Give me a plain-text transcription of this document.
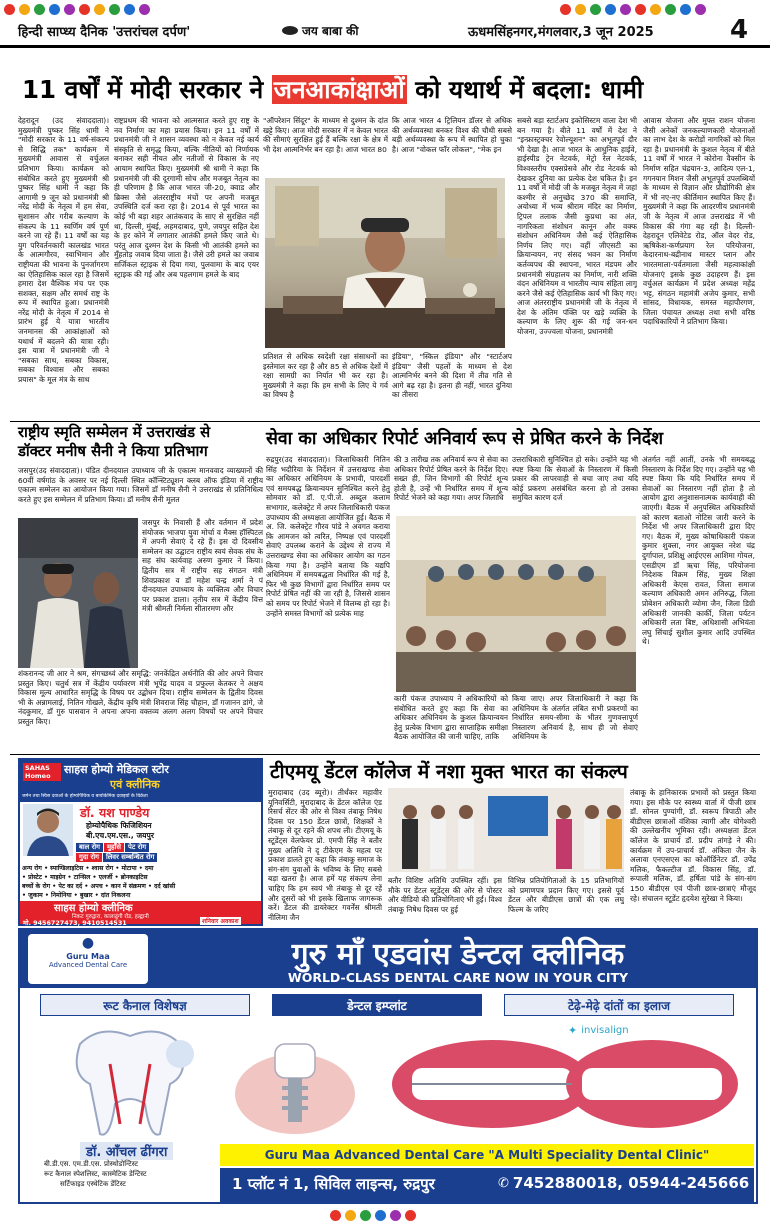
हिन्दी साप्ध्य दैनिक 'उत्तरांचल दर्पण'	जय बाबा की	ऊधमसिंहनगर,मंगलवार,3 जून 2025	4
11 वर्षों में मोदी सरकार ने जनआकांक्षाओं को यथार्थ में बदला: धामी
देहरादून (उद संवाददाता)। मुख्यमंत्री पुष्कर सिंह धामी ने "मोदी सरकार के 11 वर्ष-संकल्प से सिद्धि तक" कार्यक्रम में मुख्यमंत्री आवास से वर्चुअल प्रतिभाग किया। कार्यक्रम को संबोधित करते हुए मुख्यमंत्री श्री पुष्कर सिंह धामी ने कहा कि आगामी 9 जून को प्रधानमंत्री श्री नरेंद्र मोदी के नेतृत्व में हम सेवा, सुशासन और गरीब कल्याण के संकल्प के 11 स्वर्णिम वर्ष पूर्ण करने जा रहे हैं। 11 वर्षों का यह युग परिवर्तनकारी कालखंड भारत के आत्मगौरव, स्वाभिमान और राष्ट्रीयता की भावना के पुनर्जागरण का ऐतिहासिक काल रहा है जिसमें हमारा देश वैश्विक मंच पर एक सशक्त, सक्षम और समर्थ राष्ट्र के रूप में स्थापित हुआ। प्रधानमंत्री नरेंद्र मोदी के नेतृत्व में 2014 से प्रारंभ हुई ये यात्रा भारतीय जनमानस की आकांक्षाओं को यथार्थ में बदलने की यात्रा रही। इस यात्रा में प्रधानमंत्री जी ने "सबका साथ, सबका विकास, सबका विश्वास और सबका प्रयास" के मूल मंत्र के साथ
राष्ट्रप्रथम की भावना को आत्मसात करते हुए राष्ट्र के नव निर्माण का महा प्रयास किया। इन 11 वर्षों में प्रधानमंत्री जी ने शासन व्यवस्था को न केवल नई कार्य संस्कृति से समृद्ध किया, बल्कि नीतियों को निर्णायक बनाकर सही नीयत और नतीजों से विकास के नए आयाम स्थापित किए। मुख्यमंत्री श्री धामी ने कहा कि प्रधानमंत्री जी की दूरगामी सोच और मजबूत नेतृत्व का ही परिणाम है कि आज भारत जी-20, क्वाड और ब्रिक्स जैसे अंतरराष्ट्रीय मंचों पर अपनी मजबूत उपस्थिति दर्ज करा रहा है। 2014 से पूर्व भारत का कोई भी बड़ा शहर आतंकवाद के साए से सुरक्षित नहीं था, दिल्ली, मुंबई, अहमदाबाद, पुणे, जयपुर सहित देश के हर कोने में लगातार आतंकी हमले किए जाते थे। परंतु आज दुश्मन देश के किसी भी आतंकी हमले का मुँहतोड़ जवाब दिया जाता है। जैसे उरी हमले का जवाब सर्जिकल स्ट्राइक से दिया गया, पुलवामा के बाद एयर स्ट्राइक की गई और अब पहलगाम हमले के बाद
"ऑपरेशन सिंदूर" के माध्यम से दुश्मन के दांत खट्टे किए। आज मोदी सरकार में न केवल भारत की सीमाएं सुरक्षित हुई हैं बल्कि रक्षा के क्षेत्र में भी देश आत्मनिर्भर बन रहा है। आज भारत 80
कि आज भारत 4 ट्रिलियन डॉलर से अधिक की अर्थव्यवस्था बनकर विश्व की चौथी सबसे बड़ी अर्थव्यवस्था के रूप में स्थापित हो चुका है। आज "वोकल फॉर लोकल", "मेक इन
प्रतिशत से अधिक स्वदेशी रक्षा संसाधनों का इस्तेमाल कर रहा है और 85 से अधिक देशों में रक्षा सामग्री का निर्यात भी कर रहा है। मुख्यमंत्री ने कहा कि हम सभी के लिए ये गर्व का विषय है
इंडिया", "स्किल इंडिया" और "स्टार्टअप इंडिया" जैसी पहलों के माध्यम से देश आत्मनिर्भर बनने की दिशा में तीव्र गति से आगे बढ़ रहा है। इतना ही नहीं, भारत दुनिया का तीसरा
सबसे बड़ा स्टार्टअप इकोसिस्टम वाला देश भी बन गया है। बीते 11 वर्षों में देश ने "इन्फ्रास्ट्रक्चर रेवोल्यूशन" का अभूतपूर्व दौर भी देखा है। आज भारत के आधुनिक हाईवे, हाईस्पीड ट्रेन नेटवर्क, मेट्रो रेल नेटवर्क, विश्वस्तरीय एक्सप्रेसवे और रोड नेटवर्क को देखकर दुनिया का प्रत्येक देश चकित है। इन 11 वर्षों में मोदी जी के मजबूत नेतृत्व में जहां कश्मीर से अनुच्छेद 370 की समाप्ति, अयोध्या में भव्य श्रीराम मंदिर का निर्माण, ट्रिपल तलाक जैसी कुप्रथा का अंत, नागरिकता संशोधन कानून और वक्फ संशोधन अधिनियम जैसे कई ऐतिहासिक निर्णय लिए गए। वहीं जीएसटी का क्रियान्वयन, नए संसद भवन का निर्माण कर्तव्यपथ की स्थापना, भारत मंडपम और प्रधानमंत्री संग्रहालय का निर्माण, नारी शक्ति वंदन अधिनियम व भारतीय न्याय संहिता लागू करने जैसे कई ऐतिहासिक कार्य भी किए गए। आज अंतरराष्ट्रीय प्रधानमंत्री जी के नेतृत्व में देश के अंतिम पंक्ति पर खड़े व्यक्ति के कल्याण के लिए शुरू की गई जन-धन योजना, उज्ज्वला योजना, प्रधानमंत्री
आवास योजना और मुफ्त राशन योजना जैसी अनेकों जनकल्याणकारी योजनाओं का लाभ देश के करोड़ों नागरिकों को मिल रहा है। प्रधानमंत्री के कुशल नेतृत्व में बीते 11 वर्षों में भारत ने कोरोना वैक्सीन के निर्माण सहित चंद्रयान-3, आदित्य एल-1, गगनयान मिशन जैसी अभूतपूर्व उपलब्धियों के माध्यम से विज्ञान और प्रौद्योगिकी क्षेत्र में भी नए-नए कीर्तिमान स्थापित किए हैं। मुख्यमंत्री ने कहा कि आदरणीय प्रधानमंत्री जी के नेतृत्व में आज उत्तराखंड में भी विकास की गंगा बह रही है। दिल्ली-देहरादून एलिवेटेड रोड, ऑल वेदर रोड, ऋषिकेश-कर्णप्रयाग रेल परियोजना, केदारनाथ-बद्रीनाथ मास्टर प्लान और भारतमाला-पर्वतमाला जैसी महत्वाकांक्षी योजनाएं इसके कुछ उदाहरण हैं। इस वर्चुअल कार्यक्रम में प्रदेश अध्यक्ष महेंद्र भट्ट, संगठन महामंत्री अजेय कुमार, सभी सांसद, विधायक, समस्त महापौरगण, जिला पंचायत अध्यक्ष तथा सभी वरिष्ठ पदाधिकारियों ने प्रतिभाग किया।
राष्ट्रीय स्मृति सम्मेलन में उत्तराखंड से
डॉक्टर मनीष सैनी ने किया प्रतिभाग
जसपुर(उद संवाददाता)। पंडित दीनदयाल उपाध्याय जी के एकात्म मानववाद व्याख्यानों की 60वीं वर्षगांठ के अवसर पर नई दिल्ली स्थित कॉन्स्टिट्यूशन क्लब ऑफ इंडिया में राष्ट्रीय एकात्म सम्मेलन का आयोजन किया गया। जिसमें डॉ मनीष सैनी ने उत्तराखंड से प्रतिनिधित्व करते हुए इस सम्मेलन में प्रतिभाग किया। डॉ मनीष सैनी मूलत
जसपुर के निवासी हैं और वर्तमान में प्रदेश संयोजक भाजपा युवा मोर्चा व मैक्स हॉस्पिटल में अपनी सेवाएं दे रहे हैं। इस दो दिवसीय सम्मेलन का उद्घाटन राष्ट्रीय स्वयं सेवक संघ के सह संघ कार्यवाह अरुण कुमार ने किया। द्वितीय सत्र में राष्ट्रीय सह संगठन मंत्री शिवप्रकाश व डॉ महेश चन्द्र शर्मा ने पं दीनदयाल उपाध्याय के व्यक्तित्व और विचार पर प्रकाश डाला। तृतीय सत्र में केंद्रीय वित्त मंत्री श्रीमती निर्मला सीतारमण और
शंकरानन्द जी आर ने श्रम, संगच्छध्वं और समृद्धि: जनकेंद्रित अर्थनीति की ओर अपने विचार प्रस्तुत किए। चतुर्थ सत्र में केंद्रीय पर्यावरण मंत्री भूपेंद्र यादव व प्रफुल्ल केतकर ने अक्षय विकास मूल्य आधारित समृद्धि के विषय पर उद्बोधन दिया। राष्ट्रीय सम्मेलन के द्वितीय दिवस भी के अन्नामलाई, नितिन गोखले, केंद्रीय कृषि मंत्री शिवराज सिंह चौहान, डॉ गजानन डांगे, जे नंदकुमार, डॉ गुरु पासवान ने अपना अपना वक्तव्य अलग अलग विषयों पर अपने विचार प्रस्तुत किए।
सेवा का अधिकार रिपोर्ट अनिवार्य रूप से प्रेषित करने के निर्देश
रुद्रपुर(उद संवाददाता)। जिलाधिकारी नितिन सिंह भदौरिया के निर्देशन में उत्तराखण्ड सेवा का अधिकार अधिनियम के प्रभावी, पारदर्शी एवं समयबद्ध क्रियान्वयन सुनिश्चित करने हेतु सोमवार को डॉ. ए.पी.जे. अब्दुल कलाम सभागार, कलेक्ट्रेट में अपर जिलाधिकारी पंकज उपाध्याय की अध्यक्षता आयोजित हुई। बैठक में अ. जि. कलेक्ट्रेट गौरव पांडे ने अवगत कराया कि आमजन को त्वरित, निष्पक्ष एवं पारदर्शी सेवाएं उपलब्ध कराने के उद्देश्य से राज्य में उत्तराखण्ड सेवा का अधिकार आयोग का गठन किया गया है। उन्होंने बताया कि यद्यपि अधिनियम में समयबद्धता निर्धारित की गई है, फिर भी कुछ विभागों द्वारा निर्धारित समय पर रिपोर्ट प्रेषित नहीं की जा रही है, जिससे शासन को समय पर रिपोर्ट भेजने में विलम्ब हो रहा है। उन्होंने समस्त विभागों को प्रत्येक माह
की 3 तारीख तक अनिवार्य रूप से सेवा का अधिकार रिपोर्ट प्रेषित करने के निर्देश दिए। सख्त ही, जिन विभागों की रिपोर्ट शून्य होती है, उन्हें भी निर्धारित समय में शून्य रिपोर्ट भेजने को कहा गया। अपर जिलाधि
उत्तराधिकारी सुनिश्चित हो सके। उन्होंने यह भी स्पष्ट किया कि सेवाओं के निस्तारण में किसी प्रकार की लापरवाही से बचा जाए तथा यदि कोई प्रकरण असंबंधित करना हो तो उसका समुचित कारण दर्ज
कारी पंकज उपाध्याय ने अधिकारियों को संबोधित करते हुए कहा कि सेवा का अधिकार अधिनियम के कुशल क्रियान्वयन हेतु प्रत्येक विभाग द्वारा साप्ताहिक समीक्षा बैठक आयोजित की जानी चाहिए, ताकि
किया जाए। अपर जिलाधिकारी ने कहा कि अधिनियम के अंतर्गत लंबित सभी प्रकरणों का निर्धारित समय-सीमा के भीतर गुणवत्तापूर्ण निस्तारण अनिवार्य है, साथ ही जो सेवाएं अधिनियम के
अंतर्गत नहीं आतीं, उनके भी समयबद्ध निस्तारण के निर्देश दिए गए। उन्होंने यह भी स्पष्ट किया कि यदि निर्धारित समय में सेवाओं का निस्तारण नहीं होता है तो आयोग द्वारा अनुशासनात्मक कार्यवाही की जाएगी। बैठक में अनुपस्थित अधिकारियों को कारण बताओ नोटिस जारी करने के निर्देश भी अपर जिलाधिकारी द्वारा दिए गए। बैठक में, मुख्य कोषाधिकारी पंकज कुमार शुक्ला, नगर आयुक्त नरेश चंद्र दुर्गापाल, प्रशिक्षु आईएएस आशिमा गोयल, एसडीएम डॉ ऋचा सिंह, परियोजना निदेशक विक्रम सिंह, मुख्य शिक्षा अधिकारी केएस रावत, जिला समाज कल्याण अधिकारी अमन अनिरुद्ध, जिला प्रोबेशन अधिकारी व्योमा जैन, जिला डिग्री अधिकारी जानकी कार्की, जिला पर्यटन अधिकारी लता बिष्ट, अधिशासी अभियंता लघु सिंचाई सुशील कुमार आदि उपस्थित थे।
SAHAS Homeo	साहस होम्यो मेडिकल स्टोर
एवं क्लीनिक
जर्मन तथा स्विस दवाओं के होम्योपैथिक व बायोकेमिक दवाइयों के विक्रेता
डॉ. यश पाण्डेय
होम्योपैथिक फिजिशियन
बी.एच.एम.एस., जयपुर
बाल रोग	मुहाँसे	पेट रोग
गुदा रोग	लिवर सम्बन्धित रोग
अन्य रोग • स्पाण्डिलाइटिस • श्वास रोग • मोटापा • दमा
• प्रोस्टेट • माइग्रेन • टान्सिल • एलर्जी • ब्रोनकाइटिस
बच्चों के रोग • पेट का दर्द • अपच • कान में संक्रमण • दर्द खांसी
• जुकाम • निमोनिया • बुखार • दांत निकलना
साहस होम्यो क्लीनिक
निकट गुरुद्वारा, कालाढूंगी रोड, हल्द्वानी
मो. 9456727473, 9410514531	शनिवार अवकाश
टीएमयू डेंटल कॉलेज में नशा मुक्त भारत का संकल्प
मुरादाबाद (उद ब्यूरो)। तीर्थंकर महावीर यूनिवर्सिटी, मुरादाबाद के डेंटल कॉलेज एंड रिसर्च सेंटर की ओर से विश्व तंबाकू निषेध दिवस पर 150 डेंटल छात्रों, शिक्षकों ने तंबाकू से दूर रहने की शपथ ली। टीएमयू के स्टूडेंट्स वेलफेयर प्रो. एमपी सिंह ने बतौर मुख्य अतिथि ने दृ टीकेएम के महत्व पर प्रकाश डालते हुए कहा कि तंबाकू समाज के संग-संग युवाओं के भविष्य के लिए सबसे बड़ा खतरा है। आज हमें यह संकल्प लेना चाहिए कि हम स्वयं भी तंबाकू से दूर रहें और दूसरों को भी इसके खिलाफ जागरूक करें। डेंटल की डायरेक्टर गवर्नेंस श्रीमती नीलिमा जैन
बतौर विशिष्ट अतिथि उपस्थित रहीं। इस मौके पर डेंटल स्टूडेंट्स की ओर से पोस्टर और वीडियो की प्रतियोगिताएं भी हुईं। विश्व तंबाकू निषेध दिवस पर हुई
विभिन्न प्रतियोगिताओं के 15 प्रतिभागियों को प्रमाणपत्र प्रदान किए गए। इससे पूर्व डेंटल और बीडीएस छात्रों की एक लघु फिल्म के जरिए
तंबाकू के हानिकारक प्रभावों को प्रस्तुत किया गया। इस मौके पर स्वस्थ्य वार्ता में पीजी छात्र डॉ. सोनल पुण्यांगी, डॉ. स्वरूप त्रिपाठी और बीडीएस छात्राओं वंशिका त्यागी और योगेश्वरी की उल्लेखनीय भूमिका रही। अध्यक्षता डेंटल कॉलेज के प्राचार्य डॉ. प्रदीप तांगड़े ने की। कार्यक्रम में उप-प्राचार्य डॉ. अंकिता जैन के अलावा एनएसएस का कोऑर्डिनेटर डॉ. उपेंद्र मलिक, फैकल्टीज डॉ. विकास सिंह, डॉ. रूपाली मलिक, डॉ. हर्षिता पांडे के संग-संग 150 बीडीएस एवं पीजी छात्र-छात्राएं मौजूद रहे। संचालन स्टूडेंट हृदयेश सुरेखा ने किया।
●
Guru Maa
Advanced Dental Care	गुरु माँ एडवांस डेन्टल क्लीनिक
WORLD-CLASS DENTAL CARE NOW IN YOUR CITY
रूट कैनाल विशेषज्ञ	डेन्टल इम्प्लांट	टेढ़े-मेढ़े दांतों का इलाज
✦ invisalign
डॉ. आँचल ढींगरा
बी.डी.एस. एम.डी.एस. प्रोस्थोडोन्टिस्ट
रूट कैनाल स्पेशलिस्ट, कास्मेटिक डेन्टिस्ट
सर्टिफाइड एस्थेटिक डेंटिस्ट
Guru Maa Advanced Dental Care "A Multi Speciality Dental Clinic"
1 प्लॉट नं 1, सिविल लाइन्स, रुद्रपुर	✆ 7452880018, 05944-245666
